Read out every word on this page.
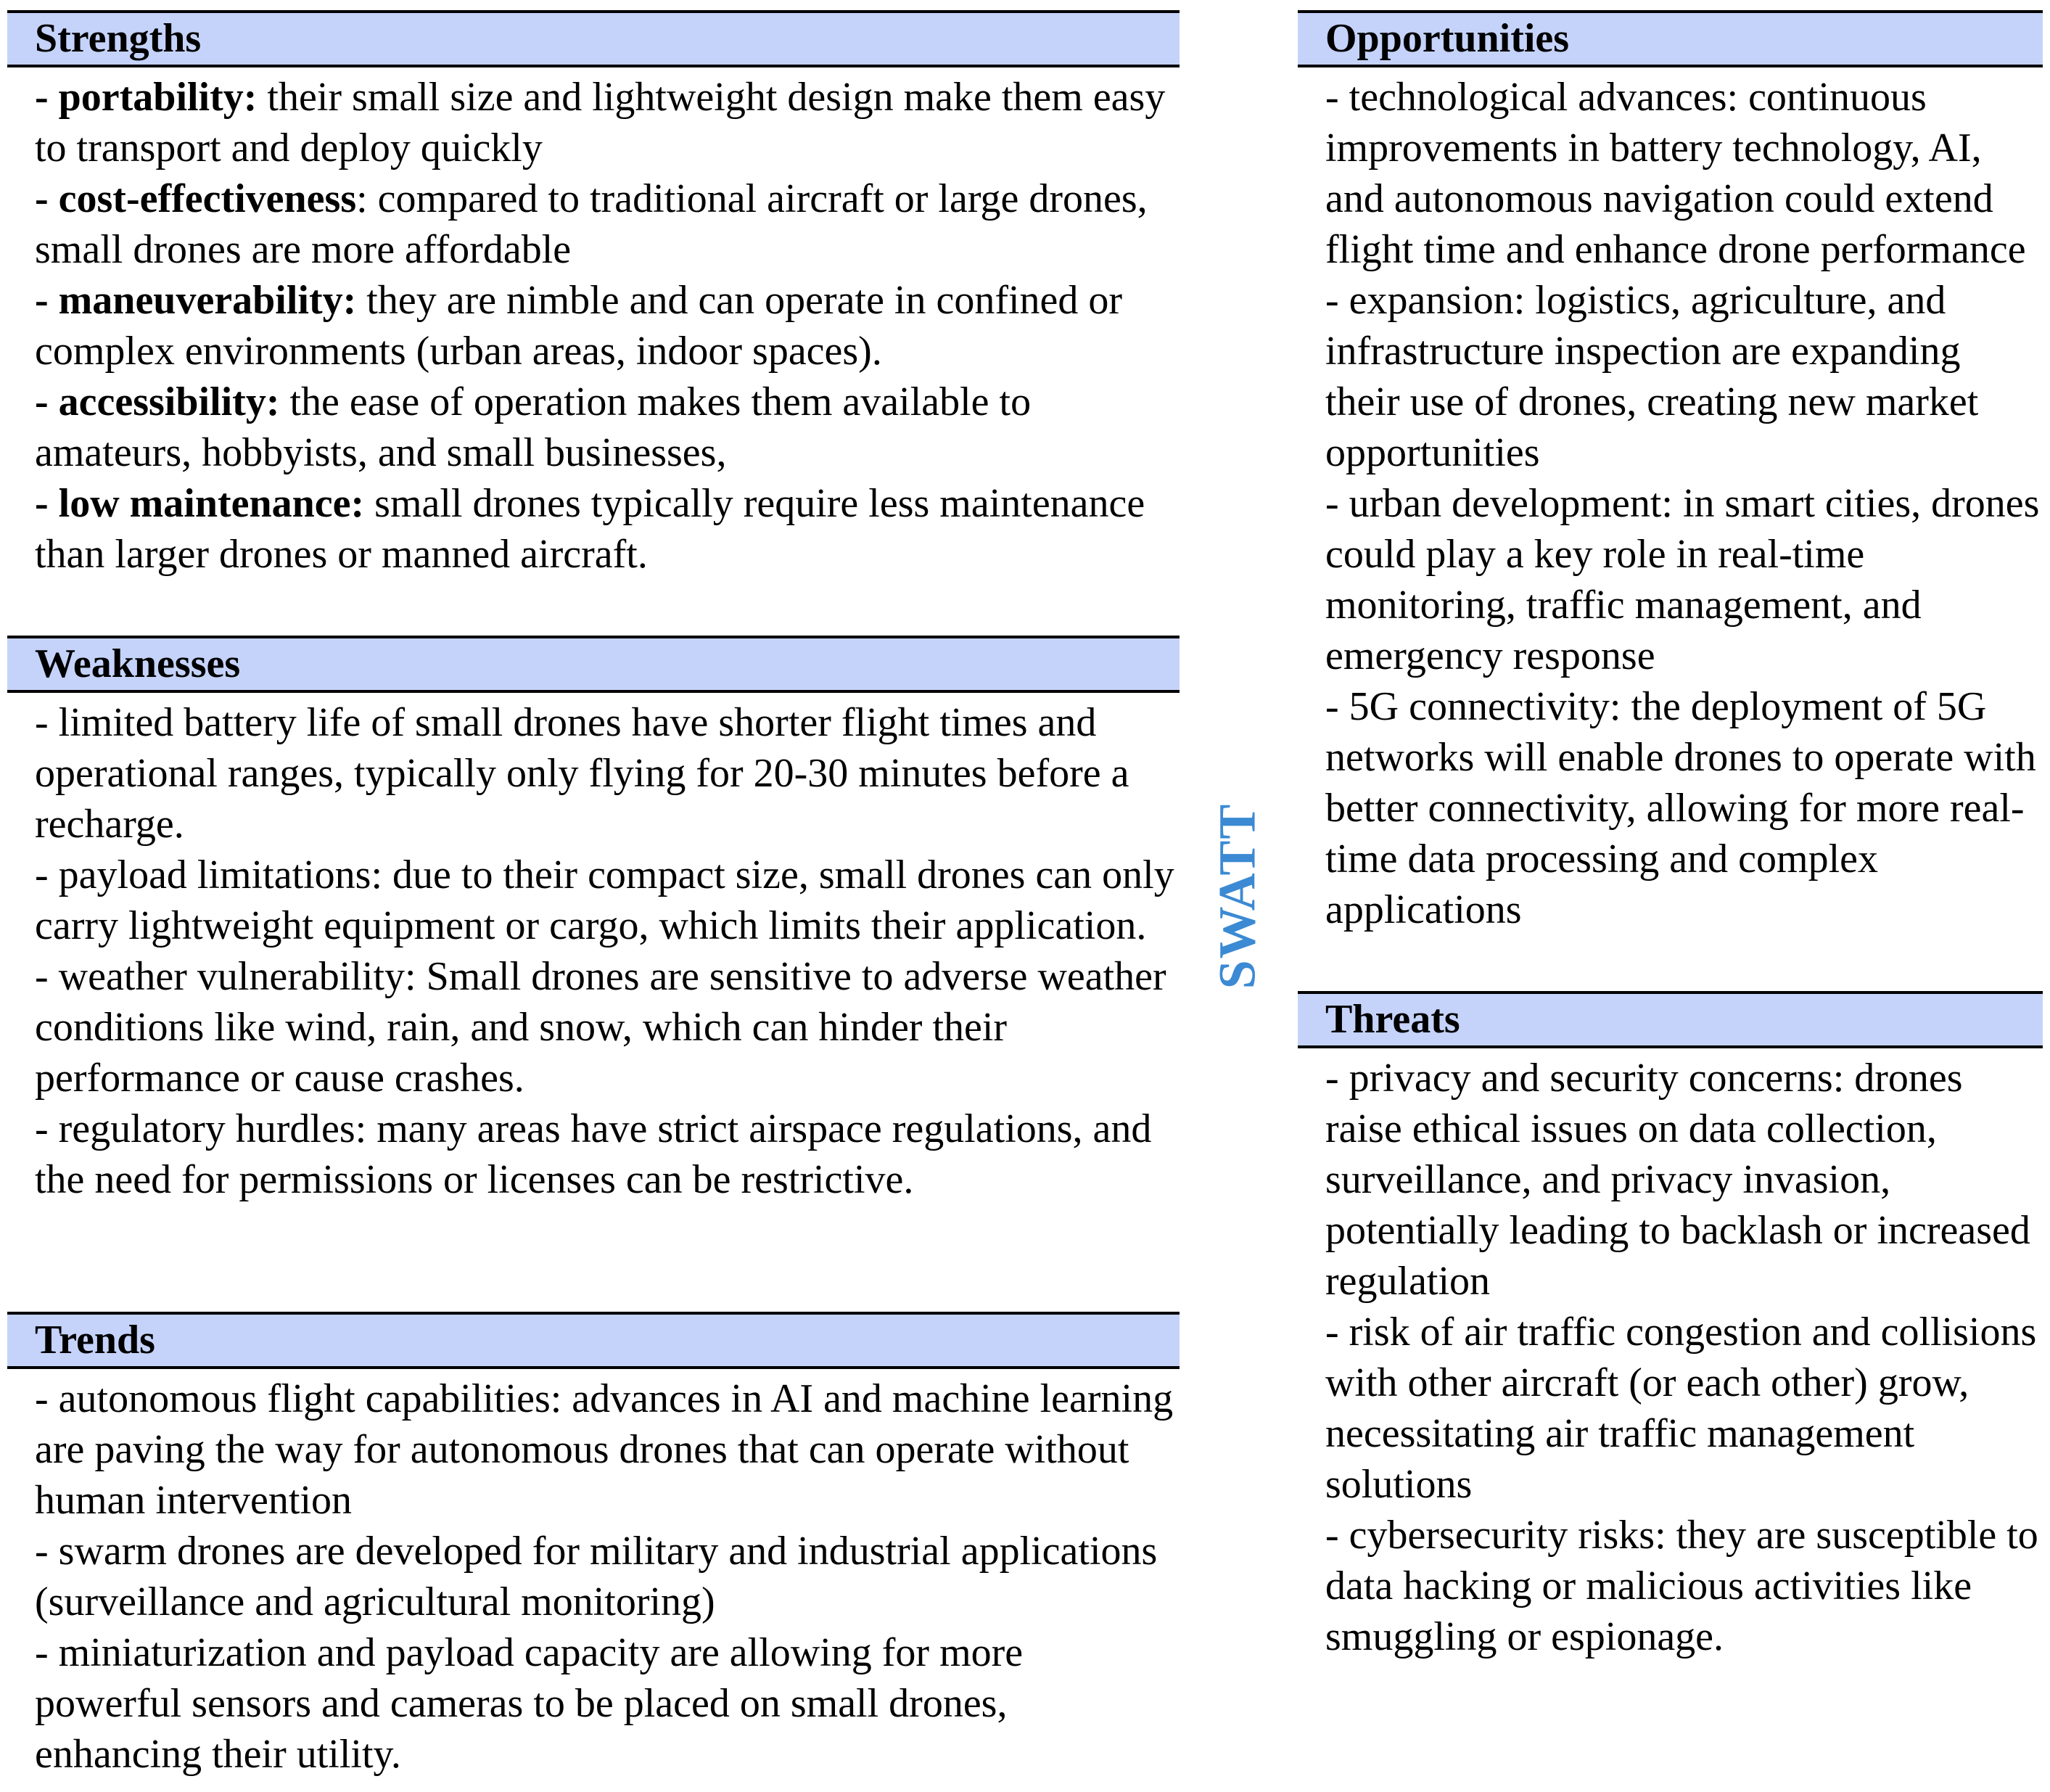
Strengths
- portability: their small size and lightweight design make them easy to transport and deploy quickly
- cost-effectiveness: compared to traditional aircraft or large drones, small drones are more affordable
- maneuverability: they are nimble and can operate in confined or complex environments (urban areas, indoor spaces).
- accessibility: the ease of operation makes them available to amateurs, hobbyists, and small businesses,
- low maintenance: small drones typically require less maintenance than larger drones or manned aircraft.
Weaknesses
- limited battery life of small drones have shorter flight times and operational ranges, typically only flying for 20-30 minutes before a recharge.
- payload limitations: due to their compact size, small drones can only carry lightweight equipment or cargo, which limits their application.
- weather vulnerability: Small drones are sensitive to adverse weather conditions like wind, rain, and snow, which can hinder their performance or cause crashes.
- regulatory hurdles: many areas have strict airspace regulations, and the need for permissions or licenses can be restrictive.
Trends
- autonomous flight capabilities: advances in AI and machine learning are paving the way for autonomous drones that can operate without human intervention
- swarm drones are developed for military and industrial applications (surveillance and agricultural monitoring)
- miniaturization and payload capacity are allowing for more powerful sensors and cameras to be placed on small drones, enhancing their utility.
SWATT
Opportunities
- technological advances: continuous improvements in battery technology, AI, and autonomous navigation could extend flight time and enhance drone performance
- expansion: logistics, agriculture, and infrastructure inspection are expanding their use of drones, creating new market opportunities
- urban development: in smart cities, drones could play a key role in real-time monitoring, traffic management, and emergency response
- 5G connectivity: the deployment of 5G networks will enable drones to operate with better connectivity, allowing for more real-time data processing and complex applications
Threats
- privacy and security concerns: drones raise ethical issues on data collection, surveillance, and privacy invasion, potentially leading to backlash or increased regulation
- risk of air traffic congestion and collisions with other aircraft (or each other) grow, necessitating air traffic management solutions
- cybersecurity risks: they are susceptible to data hacking or malicious activities like smuggling or espionage.
